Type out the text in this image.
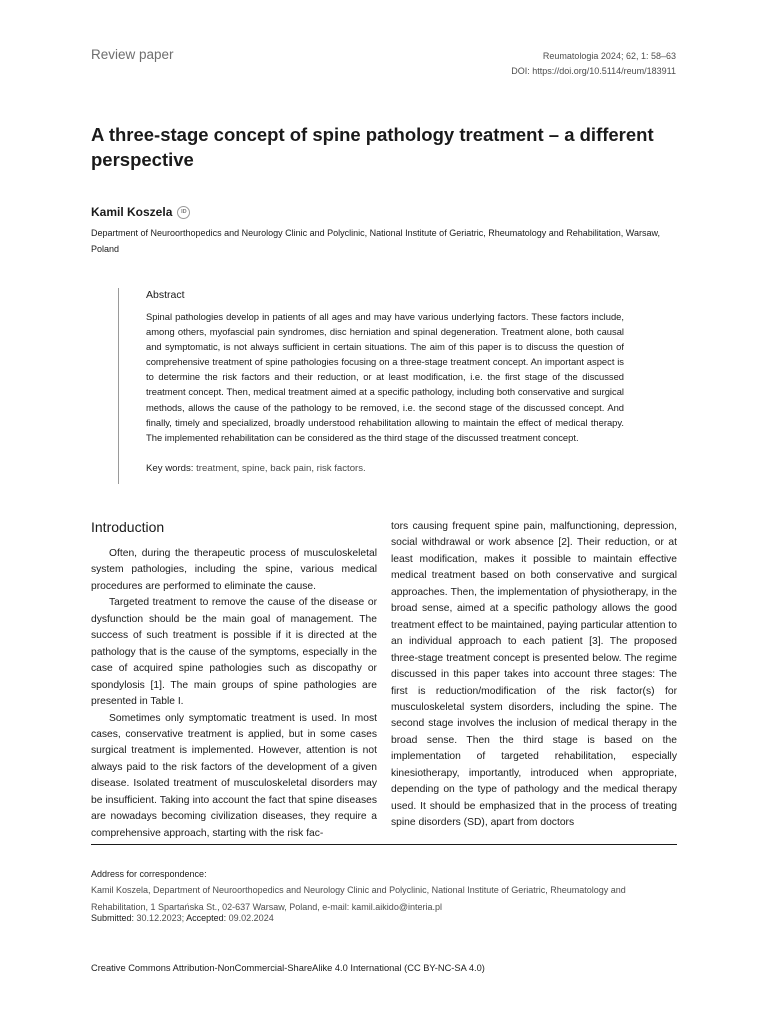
Review paper	Reumatologia 2024; 62, 1: 58–63
DOI: https://doi.org/10.5114/reum/183911
A three-stage concept of spine pathology treatment – a different perspective
Kamil Koszela	ID
Department of Neuroorthopedics and Neurology Clinic and Polyclinic, National Institute of Geriatric, Rheumatology and Rehabilitation, Warsaw, Poland
Abstract
Spinal pathologies develop in patients of all ages and may have various underlying factors. These factors include, among others, myofascial pain syndromes, disc herniation and spinal degeneration. Treatment alone, both causal and symptomatic, is not always sufficient in certain situations. The aim of this paper is to discuss the question of comprehensive treatment of spine pathologies focusing on a three-stage treatment concept. An important aspect is to determine the risk factors and their reduction, or at least modification, i.e. the first stage of the discussed treatment concept. Then, medical treatment aimed at a specific pathology, including both conservative and surgical methods, allows the cause of the pathology to be removed, i.e. the second stage of the discussed concept. And finally, timely and specialized, broadly understood rehabilitation allowing to maintain the effect of medical therapy. The implemented rehabilitation can be considered as the third stage of the discussed treatment concept.
Key words: treatment, spine, back pain, risk factors.
Introduction

Often, during the therapeutic process of musculoskeletal system pathologies, including the spine, various medical procedures are performed to eliminate the cause.

Targeted treatment to remove the cause of the disease or dysfunction should be the main goal of management. The success of such treatment is possible if it is directed at the pathology that is the cause of the symptoms, especially in the case of acquired spine pathologies such as discopathy or spondylosis [1]. The main groups of spine pathologies are presented in Table I.

Sometimes only symptomatic treatment is used. In most cases, conservative treatment is applied, but in some cases surgical treatment is implemented. However, attention is not always paid to the risk factors of the development of a given disease. Isolated treatment of musculoskeletal disorders may be insufficient. Taking into account the fact that spine diseases are nowadays becoming civilization diseases, they require a comprehensive approach, starting with the risk fac-

tors causing frequent spine pain, malfunctioning, depression, social withdrawal or work absence [2]. Their reduction, or at least modification, makes it possible to maintain effective medical treatment based on both conservative and surgical approaches. Then, the implementation of physiotherapy, in the broad sense, aimed at a specific pathology allows the good treatment effect to be maintained, paying particular attention to an individual approach to each patient [3]. The proposed three-stage treatment concept is presented below. The regime discussed in this paper takes into account three stages: The first is reduction/modification of the risk factor(s) for musculoskeletal system disorders, including the spine. The second stage involves the inclusion of medical therapy in the broad sense. Then the third stage is based on the implementation of targeted rehabilitation, especially kinesiotherapy, importantly, introduced when appropriate, depending on the type of pathology and the medical therapy used. It should be emphasized that in the process of treating spine disorders (SD), apart from doctors

Address for correspondence:
Kamil Koszela, Department of Neuroorthopedics and Neurology Clinic and Polyclinic, National Institute of Geriatric, Rheumatology and Rehabilitation, 1 Spartańska St., 02-637 Warsaw, Poland, e-mail: kamil.aikido@interia.pl
Submitted: 30.12.2023; Accepted: 09.02.2024
Creative Commons Attribution-NonCommercial-ShareAlike 4.0 International (CC BY-NC-SA 4.0)
